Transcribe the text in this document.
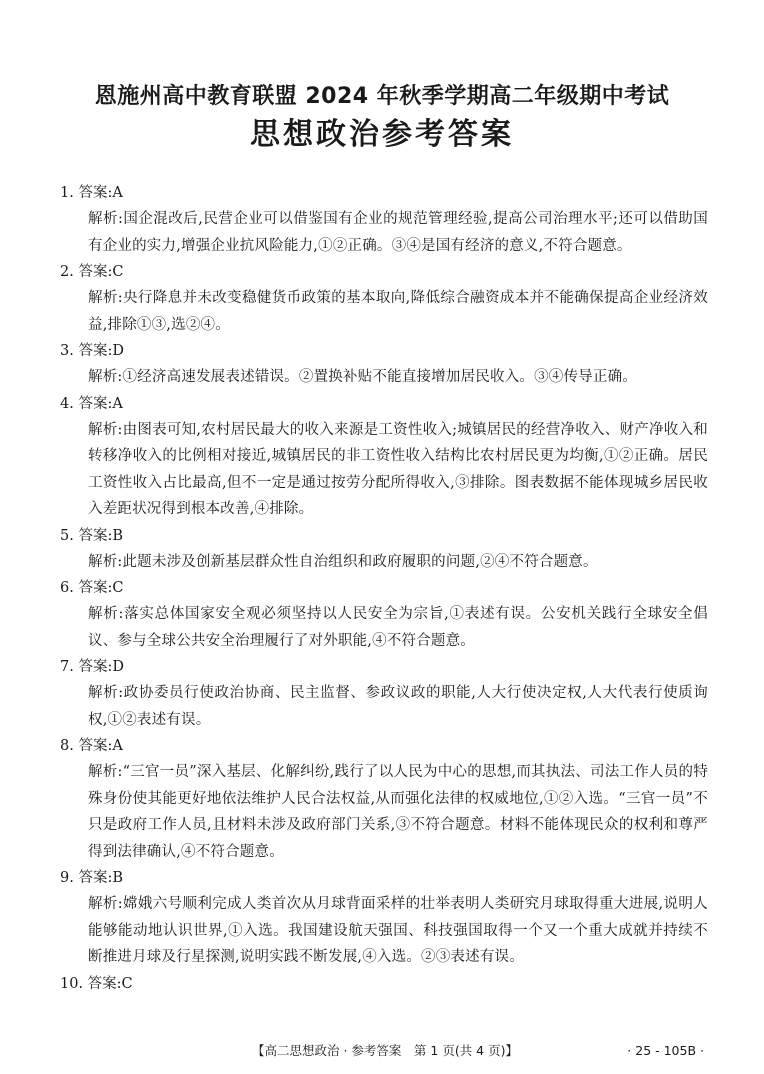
恩施州高中教育联盟 2024 年秋季学期高二年级期中考试
思想政治参考答案
1. 答案:A
解析:国企混改后,民营企业可以借鉴国有企业的规范管理经验,提高公司治理水平;还可以借助国有企业的实力,增强企业抗风险能力,①②正确。③④是国有经济的意义,不符合题意。
2. 答案:C
解析:央行降息并未改变稳健货币政策的基本取向,降低综合融资成本并不能确保提高企业经济效益,排除①③,选②④。
3. 答案:D
解析:①经济高速发展表述错误。②置换补贴不能直接增加居民收入。③④传导正确。
4. 答案:A
解析:由图表可知,农村居民最大的收入来源是工资性收入;城镇居民的经营净收入、财产净收入和转移净收入的比例相对接近,城镇居民的非工资性收入结构比农村居民更为均衡,①②正确。居民工资性收入占比最高,但不一定是通过按劳分配所得收入,③排除。图表数据不能体现城乡居民收入差距状况得到根本改善,④排除。
5. 答案:B
解析:此题未涉及创新基层群众性自治组织和政府履职的问题,②④不符合题意。
6. 答案:C
解析:落实总体国家安全观必须坚持以人民安全为宗旨,①表述有误。公安机关践行全球安全倡议、参与全球公共安全治理履行了对外职能,④不符合题意。
7. 答案:D
解析:政协委员行使政治协商、民主监督、参政议政的职能,人大行使决定权,人大代表行使质询权,①②表述有误。
8. 答案:A
解析:“三官一员”深入基层、化解纠纷,践行了以人民为中心的思想,而其执法、司法工作人员的特殊身份使其能更好地依法维护人民合法权益,从而强化法律的权威地位,①②入选。“三官一员”不只是政府工作人员,且材料未涉及政府部门关系,③不符合题意。材料不能体现民众的权利和尊严得到法律确认,④不符合题意。
9. 答案:B
解析:嫦娥六号顺利完成人类首次从月球背面采样的壮举表明人类研究月球取得重大进展,说明人能够能动地认识世界,①入选。我国建设航天强国、科技强国取得一个又一个重大成就并持续不断推进月球及行星探测,说明实践不断发展,④入选。②③表述有误。
10. 答案:C
【高二思想政治 · 参考答案　第 1 页(共 4 页)】	· 25 - 105B ·
